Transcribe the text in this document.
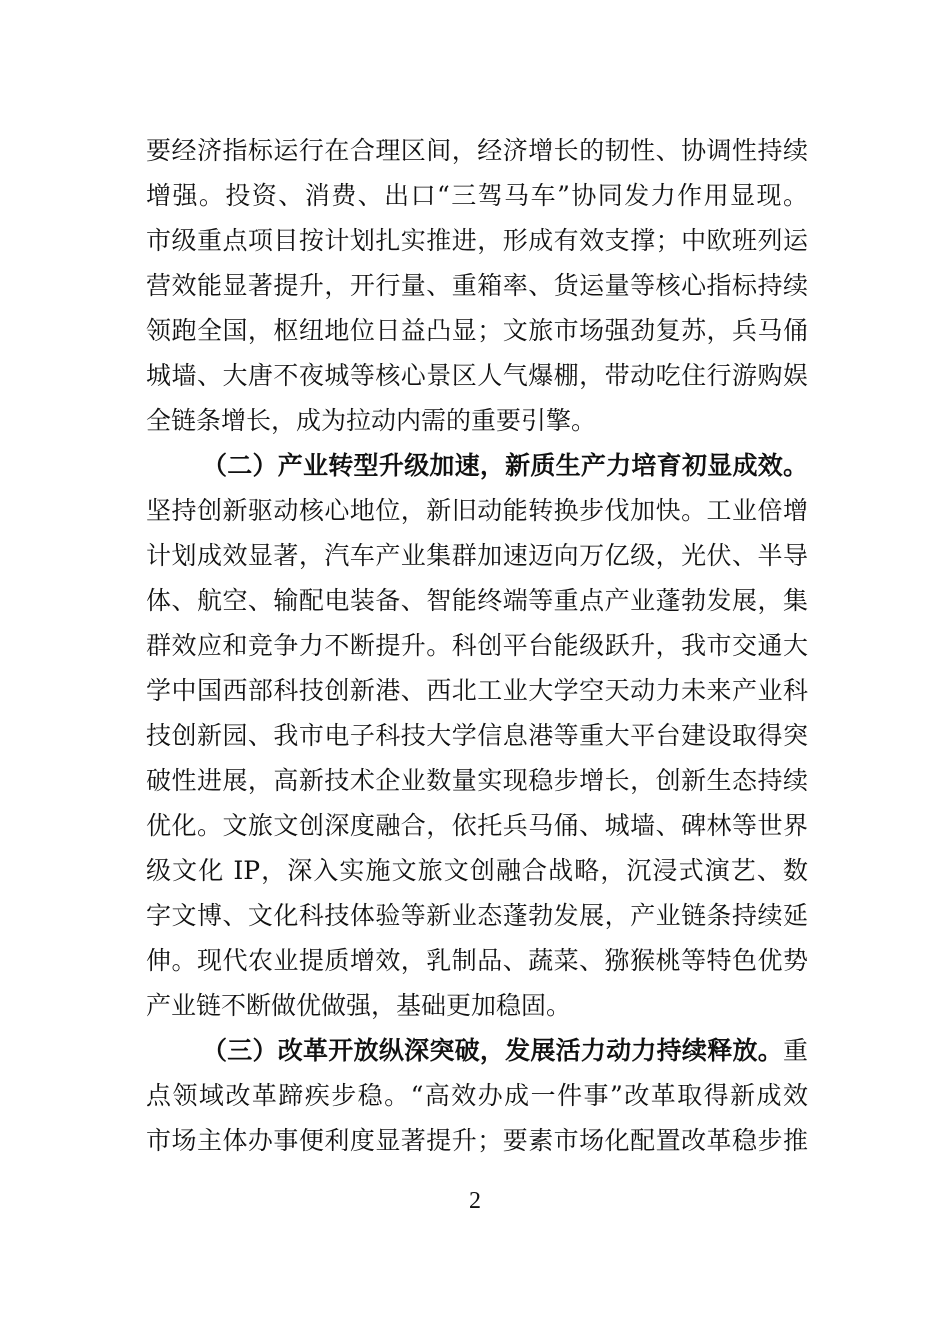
要经济指标运行在合理区间，经济增长的韧性、协调性持续
增强。投资、消费、出口“三驾马车”协同发力作用显现。
市级重点项目按计划扎实推进，形成有效支撑；中欧班列运
营效能显著提升，开行量、重箱率、货运量等核心指标持续
领跑全国，枢纽地位日益凸显；文旅市场强劲复苏，兵马俑
城墙、大唐不夜城等核心景区人气爆棚，带动吃住行游购娱
全链条增长，成为拉动内需的重要引擎。
（二）产业转型升级加速，新质生产力培育初显成效。
坚持创新驱动核心地位，新旧动能转换步伐加快。工业倍增
计划成效显著，汽车产业集群加速迈向万亿级，光伏、半导
体、航空、输配电装备、智能终端等重点产业蓬勃发展，集
群效应和竞争力不断提升。科创平台能级跃升，我市交通大
学中国西部科技创新港、西北工业大学空天动力未来产业科
技创新园、我市电子科技大学信息港等重大平台建设取得突
破性进展，高新技术企业数量实现稳步增长，创新生态持续
优化。文旅文创深度融合，依托兵马俑、城墙、碑林等世界
级文化 IP，深入实施文旅文创融合战略，沉浸式演艺、数
字文博、文化科技体验等新业态蓬勃发展，产业链条持续延
伸。现代农业提质增效，乳制品、蔬菜、猕猴桃等特色优势
产业链不断做优做强，基础更加稳固。
（三）改革开放纵深突破，发展活力动力持续释放。重
点领域改革蹄疾步稳。“高效办成一件事”改革取得新成效
市场主体办事便利度显著提升；要素市场化配置改革稳步推
2
